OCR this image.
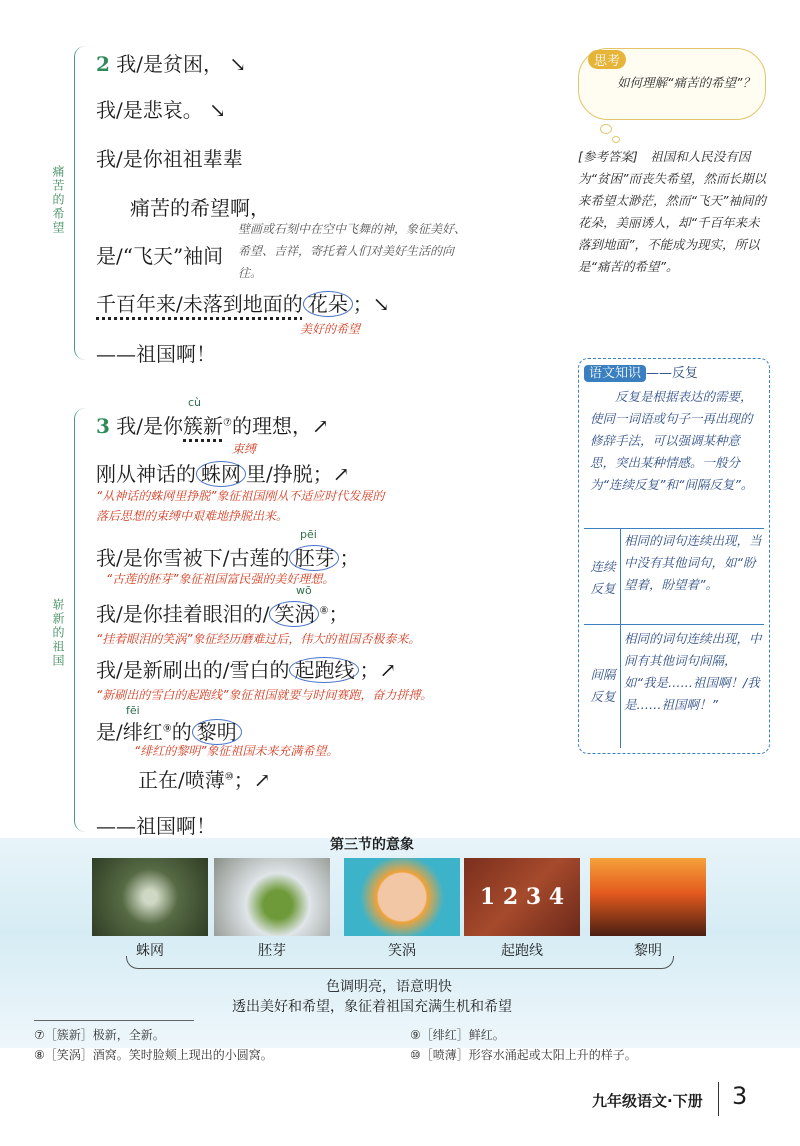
痛苦的希望
2 我/是贫困， ↘
我/是悲哀。 ↘
我/是你祖祖辈辈
痛苦的希望啊，
是/“飞天”袖间
壁画或石刻中在空中飞舞的神，象征美好、希望、吉祥，寄托着人们对美好生活的向往。
千百年来/未落到地面的 花朵 ；↘
美好的希望
——祖国啊！
思考
如何理解“痛苦的希望”？
[参考答案]　祖国和人民没有因为“贫困”而丧失希望，然而长期以来希望太渺茫，然而“飞天”袖间的花朵，美丽诱人，却“千百年来未落到地面”，不能成为现实，所以是“痛苦的希望”。
崭新的祖国
cù
3 我/是你簇新⑦的理想，↗
束缚
刚从神话的 蛛网 里/挣脱；↗
“从神话的蛛网里挣脱”象征祖国刚从不适应时代发展的落后思想的束缚中艰难地挣脱出来。
pēi
我/是你雪被下/古莲的 胚芽 ；
“古莲的胚芽”象征祖国富民强的美好理想。
wō
我/是你挂着眼泪的/ 笑涡 ⑧；
“挂着眼泪的笑涡”象征经历磨难过后，伟大的祖国否极泰来。
我/是新刷出的/雪白的 起跑线 ；↗
“新刷出的雪白的起跑线”象征祖国就要与时间赛跑，奋力拼搏。
fēi
是/绯红⑨的 黎明
“绯红的黎明”象征祖国未来充满希望。
正在/喷薄⑩；↗
——祖国啊！
语文知识 ——反复
反复是根据表达的需要，使同一词语或句子一再出现的修辞手法，可以强调某种意思，突出某种情感。一般分为“连续反复”和“间隔反复”。
连续反复
相同的词句连续出现，当中没有其他词句，如“盼望着，盼望着”。
间隔反复
相同的词句连续出现，中间有其他词句间隔，如“我是……祖国啊！/我是……祖国啊！”
第三节的意象
1 2 3 4
蛛网	胚芽	笑涡	起跑线	黎明
色调明亮，语意明快
透出美好和希望，象征着祖国充满生机和希望
⑦［簇新］极新，全新。
⑧［笑涡］酒窝。笑时脸颊上现出的小圆窝。
⑨［绯红］鲜红。
⑩［喷薄］形容水涌起或太阳上升的样子。
九年级语文·下册 3
